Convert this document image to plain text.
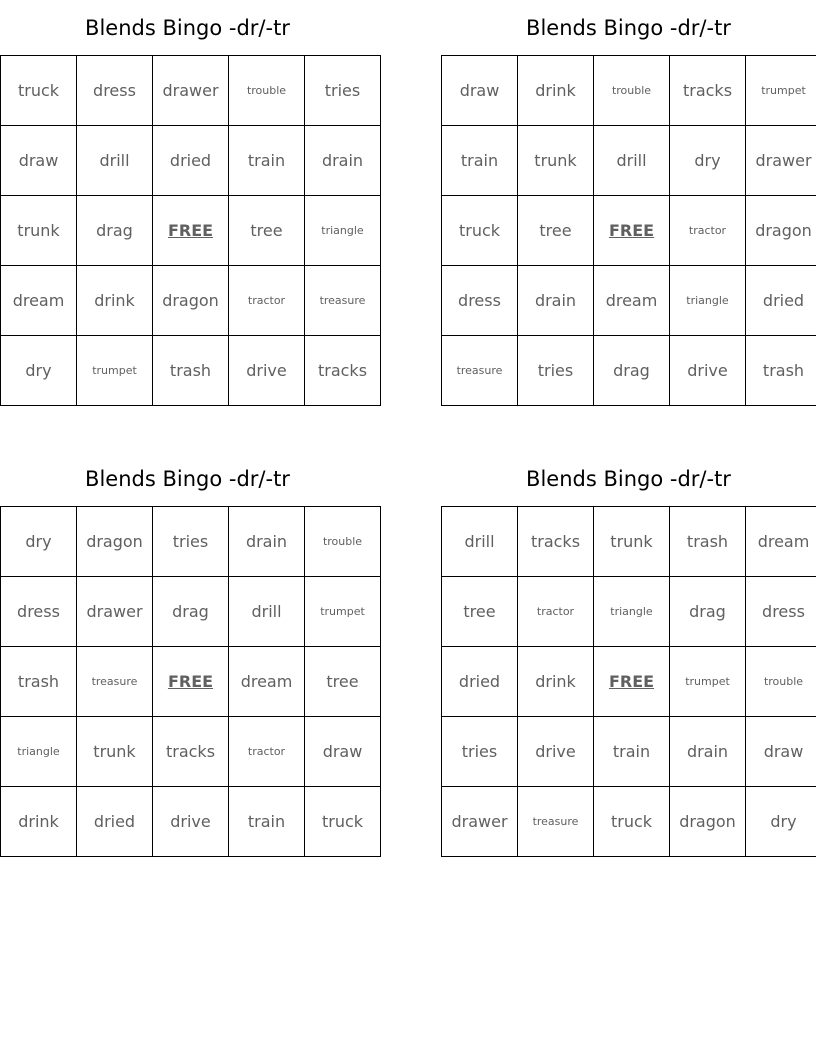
Blends Bingo -dr/-tr
truck	dress	drawer	trouble	tries
draw	drill	dried	train	drain
trunk	drag	FREE	tree	triangle
dream	drink	dragon	tractor	treasure
dry	trumpet	trash	drive	tracks
Blends Bingo -dr/-tr
draw	drink	trouble	tracks	trumpet
train	trunk	drill	dry	drawer
truck	tree	FREE	tractor	dragon
dress	drain	dream	triangle	dried
treasure	tries	drag	drive	trash
Blends Bingo -dr/-tr
dry	dragon	tries	drain	trouble
dress	drawer	drag	drill	trumpet
trash	treasure	FREE	dream	tree
triangle	trunk	tracks	tractor	draw
drink	dried	drive	train	truck
Blends Bingo -dr/-tr
drill	tracks	trunk	trash	dream
tree	tractor	triangle	drag	dress
dried	drink	FREE	trumpet	trouble
tries	drive	train	drain	draw
drawer	treasure	truck	dragon	dry
